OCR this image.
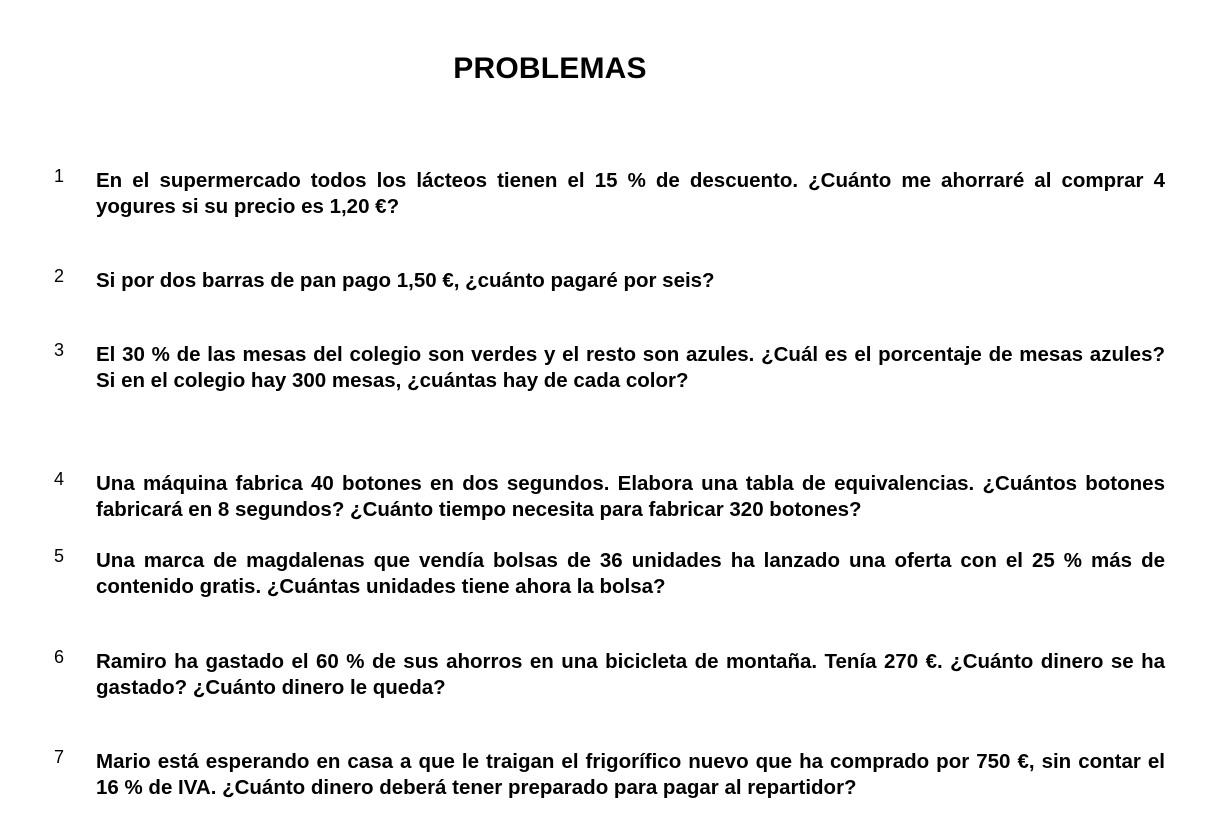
PROBLEMAS
1 En el supermercado todos los lácteos tienen el 15 % de descuento. ¿Cuánto me ahorraré al comprar 4 yogures si su precio es 1,20 €?

2 Si por dos barras de pan pago 1,50 €, ¿cuánto pagaré por seis?

3 El 30 % de las mesas del colegio son verdes y el resto son azules. ¿Cuál es el porcentaje de mesas azules? Si en el colegio hay 300 mesas, ¿cuántas hay de cada color?

4 Una máquina fabrica 40 botones en dos segundos. Elabora una tabla de equivalencias. ¿Cuántos botones fabricará en 8 segundos? ¿Cuánto tiempo necesita para fabricar 320 botones?

5 Una marca de magdalenas que vendía bolsas de 36 unidades ha lanzado una oferta con el 25 % más de contenido gratis. ¿Cuántas unidades tiene ahora la bolsa?

6 Ramiro ha gastado el 60 % de sus ahorros en una bicicleta de montaña. Tenía 270 €. ¿Cuánto dinero se ha gastado? ¿Cuánto dinero le queda?

7 Mario está esperando en casa a que le traigan el frigorífico nuevo que ha comprado por 750 €, sin contar el 16 % de IVA. ¿Cuánto dinero deberá tener preparado para pagar al repartidor?
